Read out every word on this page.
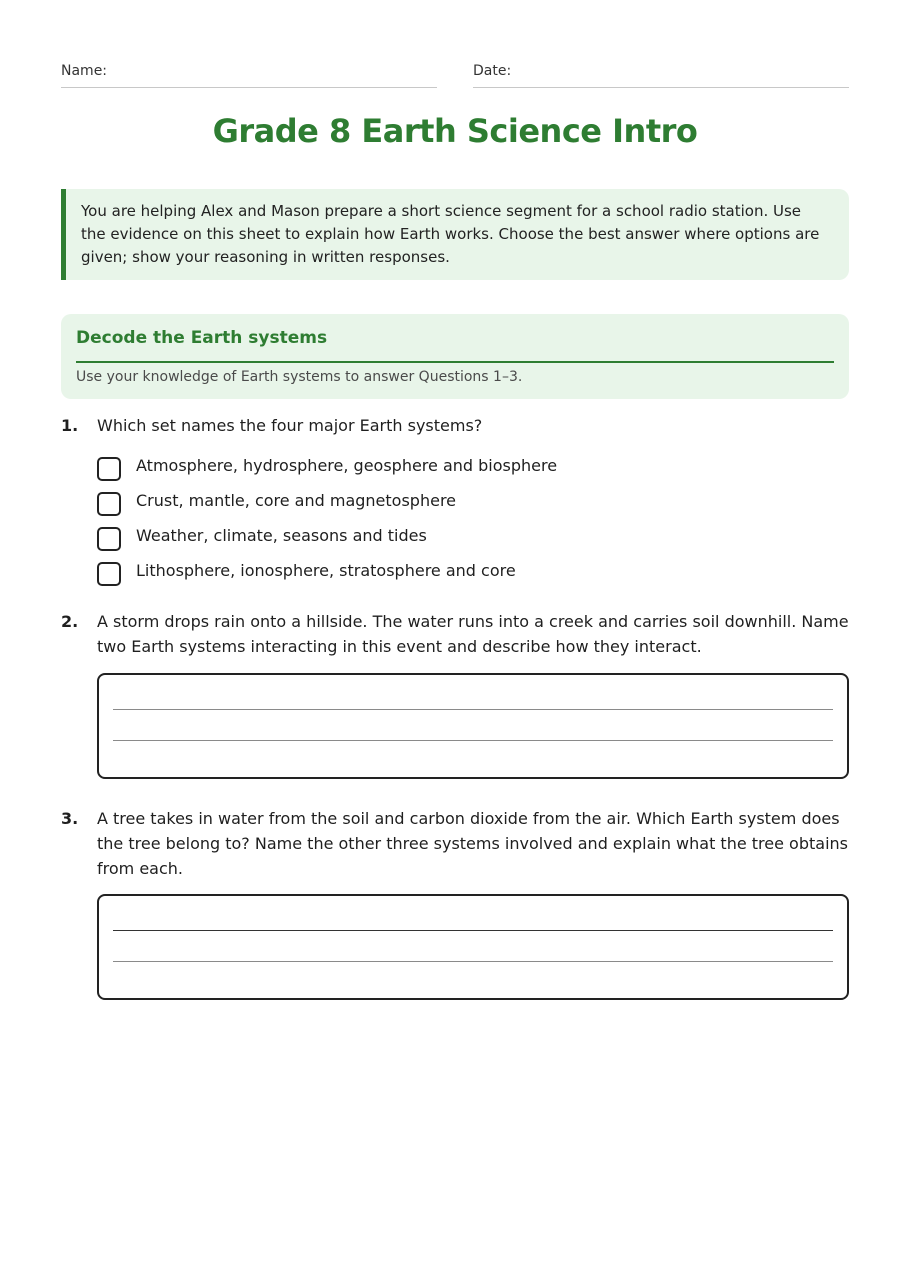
Name:	Date:
Grade 8 Earth Science Intro
You are helping Alex and Mason prepare a short science segment for a school radio station. Use the evidence on this sheet to explain how Earth works. Choose the best answer where options are given; show your reasoning in written responses.
Decode the Earth systems
Use your knowledge of Earth systems to answer Questions 1–3.
1. Which set names the four major Earth systems?
Atmosphere, hydrosphere, geosphere and biosphere
Crust, mantle, core and magnetosphere
Weather, climate, seasons and tides
Lithosphere, ionosphere, stratosphere and core
2. A storm drops rain onto a hillside. The water runs into a creek and carries soil downhill. Name two Earth systems interacting in this event and describe how they interact.
3. A tree takes in water from the soil and carbon dioxide from the air. Which Earth system does the tree belong to? Name the other three systems involved and explain what the tree obtains from each.
